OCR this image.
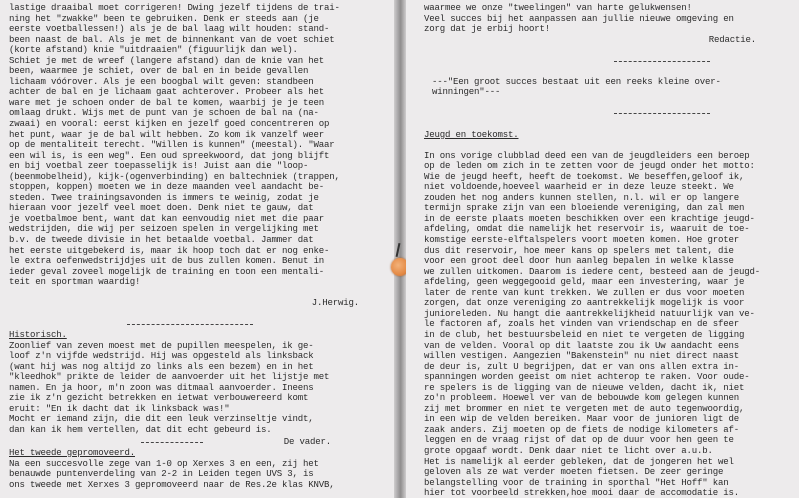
lastige draaibal moet corrigeren! Dwing jezelf tijdens de trai-
ning het "zwakke" been te gebruiken. Denk er steeds aan (je
eerste voetballessen!) als je de bal laag wilt houden: stand-
been naast de bal. Als je met de binnenkant van de voet schiet
(korte afstand) knie "uitdraaien" (figuurlijk dan wel).
Schiet je met de wreef (langere afstand) dan de knie van het
been, waarmee je schiet, over de bal en in beide gevallen
lichaam vóórover. Als je een boogbal wilt geven: standbeen
achter de bal en je lichaam gaat achterover. Probeer als het
ware met je schoen onder de bal te komen, waarbij je je teen
omlaag drukt. Wijs met de punt van je schoen de bal na (na-
zwaai) en vooral: eerst kijken en jezelf goed concentreren op
het punt, waar je de bal wilt hebben. Zo kom ik vanzelf weer
op de mentaliteit terecht. "Willen is kunnen" (meestal). "Waar
een wil is, is een weg". Een oud spreekwoord, dat jong blijft
en bij voetbal zeer toepasselijk is! Juist aan die "loop-
(beenmobelheid), kijk-(ogenverbinding) en baltechniek (trappen,
stoppen, koppen) moeten we in deze maanden veel aandacht be-
steden. Twee trainingsavonden is immers te weinig, zodat je
hieraan voor jezelf veel moet doen. Denk niet te gauw, dat
je voetbalmoe bent, want dat kan eenvoudig niet met die paar
wedstrijden, die wij per seizoen spelen in vergelijking met
b.v. de tweede divisie in het betaalde voetbal. Jammer dat
het eerste uitgebekerd is, maar ik hoop toch dat er nog enke-
le extra oefenwedstrijdjes uit de bus zullen komen. Benut in
ieder geval zoveel mogelijk de training en toon een mentali-
teit en sportman waardig!
J.Herwig.
Historisch.
Zoonlief van zeven moest met de pupillen meespelen, ik ge-
loof z'n vijfde wedstrijd. Hij was opgesteld als linksback
(want hij was nog altijd zo links als een bezem) en in het
"kleedhok" prikte de leider de aanvoerder uit het lijstje met
namen. En ja hoor, m'n zoon was ditmaal aanvoerder. Ineens
zie ik z'n gezicht betrekken en ietwat verbouwereerd komt
eruit: "En ik dacht dat ik linksback was!"
Mocht er iemand zijn, die dit een leuk verzinseltje vindt,
dan kan ik hem vertellen, dat dit echt gebeurd is.
De vader.
Het tweede gepromoveerd.
Na een succesvolle zege van 1-0 op Xerxes 3 en een, zij het
benauwde puntenverdeling van 2-2 in Leiden tegen UVS 3, is
ons tweede met Xerxes 3 gepromoveerd naar de Res.2e klas KNVB,
waarmee we onze "tweelingen" van harte gelukwensen!
Veel succes bij het aanpassen aan jullie nieuwe omgeving en
zorg dat je erbij hoort!
Redactie.
---"Een groot succes bestaat uit een reeks kleine over-
winningen"---
Jeugd en toekomst.
In ons vorige clubblad deed een van de jeugdleiders een beroep
op de leden om zich in te zetten voor de jeugd onder het motto:
Wie de jeugd heeft, heeft de toekomst. We beseffen,geloof ik,
niet voldoende,hoeveel waarheid er in deze leuze steekt. We
zouden het nog anders kunnen stellen, n.l. wil er op langere
termijn sprake zijn van een bloeiende vereniging, dan zal men
in de eerste plaats moeten beschikken over een krachtige jeugd-
afdeling, omdat die namelijk het reservoir is, waaruit de toe-
komstige eerste-elftalspelers voort moeten komen. Hoe groter
dus dit reservoir, hoe meer kans op spelers met talent, die
voor een groot deel door hun aanleg bepalen in welke klasse
we zullen uitkomen. Daarom is iedere cent, besteed aan de jeugd-
afdeling, geen weggegooid geld, maar een investering, waar je
later de rente van kunt trekken. We zullen er dus voor moeten
zorgen, dat onze vereniging zo aantrekkelijk mogelijk is voor
junioreleden. Nu hangt die aantrekkelijkheid natuurlijk van ve-
le factoren af, zoals het vinden van vriendschap en de sfeer
in de club, het bestuursbeleid en niet te vergeten de ligging
van de velden. Vooral op dit laatste zou ik Uw aandacht eens
willen vestigen. Aangezien "Bakenstein" nu niet direct naast
de deur is, zult U begrijpen, dat er van ons allen extra in-
spanningen worden geeist om niet achterop te raken. Voor oude-
re spelers is de ligging van de nieuwe velden, dacht ik, niet
zo'n probleem. Hoewel ver van de bebouwde kom gelegen kunnen
zij met brommer en niet te vergeten met de auto tegenwoordig,
in een wip de velden bereiken. Maar voor de junioren ligt de
zaak anders. Zij moeten op de fiets de nodige kilometers af-
leggen en de vraag rijst of dat op de duur voor hen geen te
grote opgaaf wordt. Denk daar niet te licht over a.u.b.
Het is namelijk al eerder gebleken, dat de jongeren het wel
geloven als ze wat verder moeten fietsen. De zeer geringe
belangstelling voor de training in sporthal "Het Hoff" kan
hier tot voorbeeld strekken,hoe mooi daar de accomodatie is.
